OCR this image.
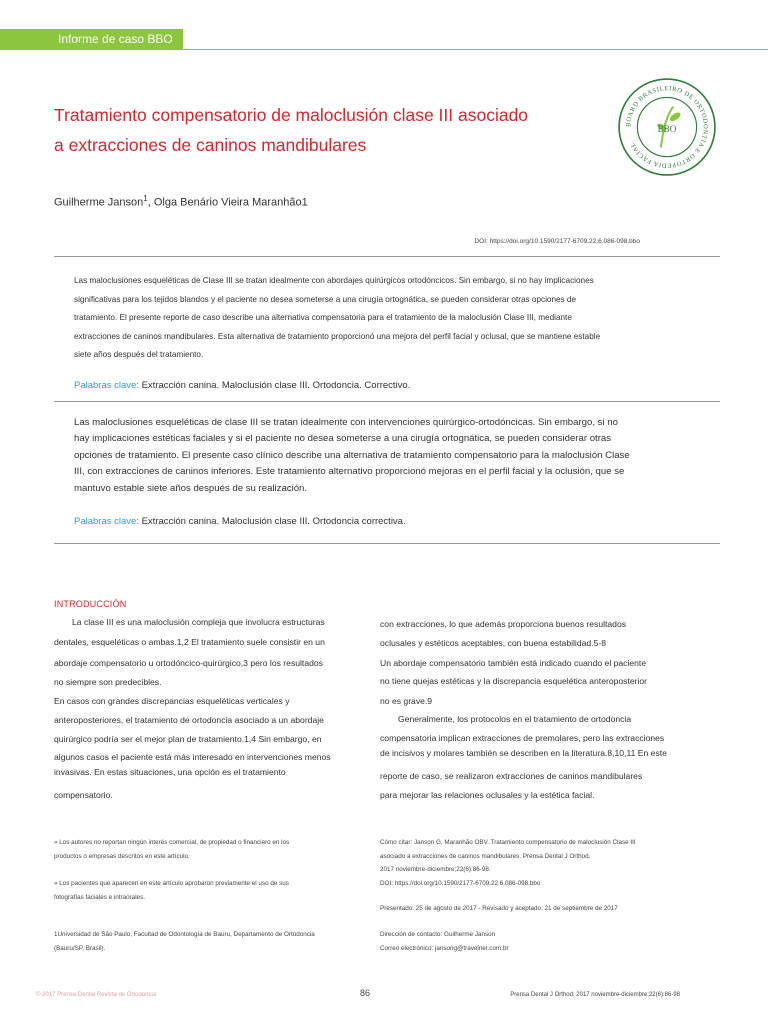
Informe de caso BBO
Tratamiento compensatorio de maloclusión clase III asociado
a extracciones de caninos mandibulares
BOARD BRASILEIRO DE ORTODONTIA E ORTOPEDIA FACIAL
BBO
Guilherme Janson$^1$, Olga Benário Vieira Maranhão1
DOI: https://doi.org/10.1590/2177-6709.22.6.086-098.bbo
Las maloclusiones esqueléticas de Clase III se tratan idealmente con abordajes quirúrgicos ortodóncicos. Sin embargo, si no hay implicaciones
significativas para los tejidos blandos y el paciente no desea someterse a una cirugía ortognática, se pueden considerar otras opciones de
tratamiento. El presente reporte de caso describe una alternativa compensatoria para el tratamiento de la maloclusión Clase III, mediante
extracciones de caninos mandibulares. Esta alternativa de tratamiento proporcionó una mejora del perfil facial y oclusal, que se mantiene estable
siete años después del tratamiento.
Palabras clave: Extracción canina. Maloclusión clase III. Ortodoncia. Correctivo.
Las maloclusiones esqueléticas de clase III se tratan idealmente con intervenciones quirúrgico-ortodóncicas. Sin embargo, si no
hay implicaciones estéticas faciales y si el paciente no desea someterse a una cirugía ortognática, se pueden considerar otras
opciones de tratamiento. El presente caso clínico describe una alternativa de tratamiento compensatorio para la maloclusión Clase
III, con extracciones de caninos inferiores. Este tratamiento alternativo proporcionó mejoras en el perfil facial y la oclusión, que se
mantuvo estable siete años después de su realización.
Palabras clave: Extracción canina. Maloclusión clase III. Ortodoncia correctiva.
INTRODUCCIÓN
La clase III es una maloclusión compleja que involucra estructuras
dentales, esqueléticas o ambas.1,2 El tratamiento suele consistir en un
abordaje compensatorio u ortodóncico-quirúrgico,3 pero los resultados
no siempre son predecibles.
En casos con grandes discrepancias esqueléticas verticales y
anteroposteriores, el tratamiento de ortodoncia asociado a un abordaje
quirúrgico podría ser el mejor plan de tratamiento.1,4 Sin embargo, en
algunos casos el paciente está más interesado en intervenciones menos
invasivas. En estas situaciones, una opción es el tratamiento
compensatorio.
con extracciones, lo que además proporciona buenos resultados
oclusales y estéticos aceptables, con buena estabilidad.5-8
Un abordaje compensatorio también está indicado cuando el paciente
no tiene quejas estéticas y la discrepancia esquelética anteroposterior
no es grave.9
Generalmente, los protocolos en el tratamiento de ortodoncia
compensatoria implican extracciones de premolares, pero las extracciones
de incisivos y molares también se describen en la literatura.8,10,11 En este
reporte de caso, se realizaron extracciones de caninos mandibulares
para mejorar las relaciones oclusales y la estética facial.
» Los autores no reportan ningún interés comercial, de propiedad o financiero en los
productos o empresas descritos en este artículo.
» Los pacientes que aparecen en este artículo aprobaron previamente el uso de sus
fotografías faciales e intraorales.
1Universidad de São Paulo, Facultad de Odontología de Bauru, Departamento de Ortodoncia
(Bauru/SP, Brasil).
Cómo citar: Janson G, Maranhão OBV. Tratamiento compensatorio de maloclusión Clase III
asociado a extracciones de caninos mandibulares. Prensa Dental J Orthod.
2017 noviembre-diciembre;22(6):86-98.
DOI: https://doi.org/10.1590/2177-6709.22.6.086-098.bbo
Presentado: 25 de agosto de 2017 - Revisado y aceptado: 21 de septiembre de 2017
Dirección de contacto: Guilherme Janson
Correo electrónico: jansong@travelnet.com.br
© 2017 Prensa Dental Revista de Ortodoncia	86	Prensa Dental J Orthod. 2017 noviembre-diciembre;22(6):86-98
